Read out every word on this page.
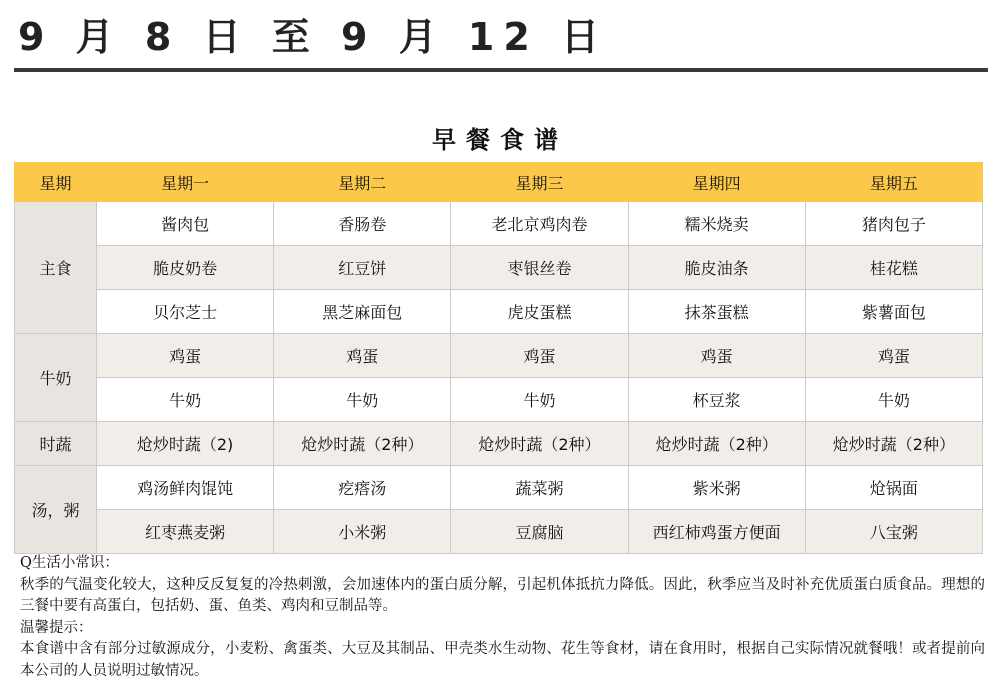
9 月 8 日 至 9 月 12 日
早餐食谱
星期	星期一	星期二	星期三	星期四	星期五
主食	酱肉包	香肠卷	老北京鸡肉卷	糯米烧卖	猪肉包子
	脆皮奶卷	红豆饼	枣银丝卷	脆皮油条	桂花糕
	贝尔芝士	黑芝麻面包	虎皮蛋糕	抹茶蛋糕	紫薯面包
牛奶	鸡蛋	鸡蛋	鸡蛋	鸡蛋	鸡蛋
	牛奶	牛奶	牛奶	杯豆浆	牛奶
时蔬	炝炒时蔬（2)	炝炒时蔬（2种）	炝炒时蔬（2种）	炝炒时蔬（2种）	炝炒时蔬（2种）
汤，粥	鸡汤鲜肉馄饨	疙瘩汤	蔬菜粥	紫米粥	炝锅面
	红枣燕麦粥	小米粥	豆腐脑	西红柿鸡蛋方便面	八宝粥

Q生活小常识：

秋季的气温变化较大，这种反反复复的冷热刺激，会加速体内的蛋白质分解，引起机体抵抗力降低。因此，秋季应当及时补充优质蛋白质食品。理想的三餐中要有高蛋白，包括奶、蛋、鱼类、鸡肉和豆制品等。

温馨提示：

本食谱中含有部分过敏源成分，小麦粉、禽蛋类、大豆及其制品、甲壳类水生动物、花生等食材，请在食用时，根据自己实际情况就餐哦！或者提前向本公司的人员说明过敏情况。
